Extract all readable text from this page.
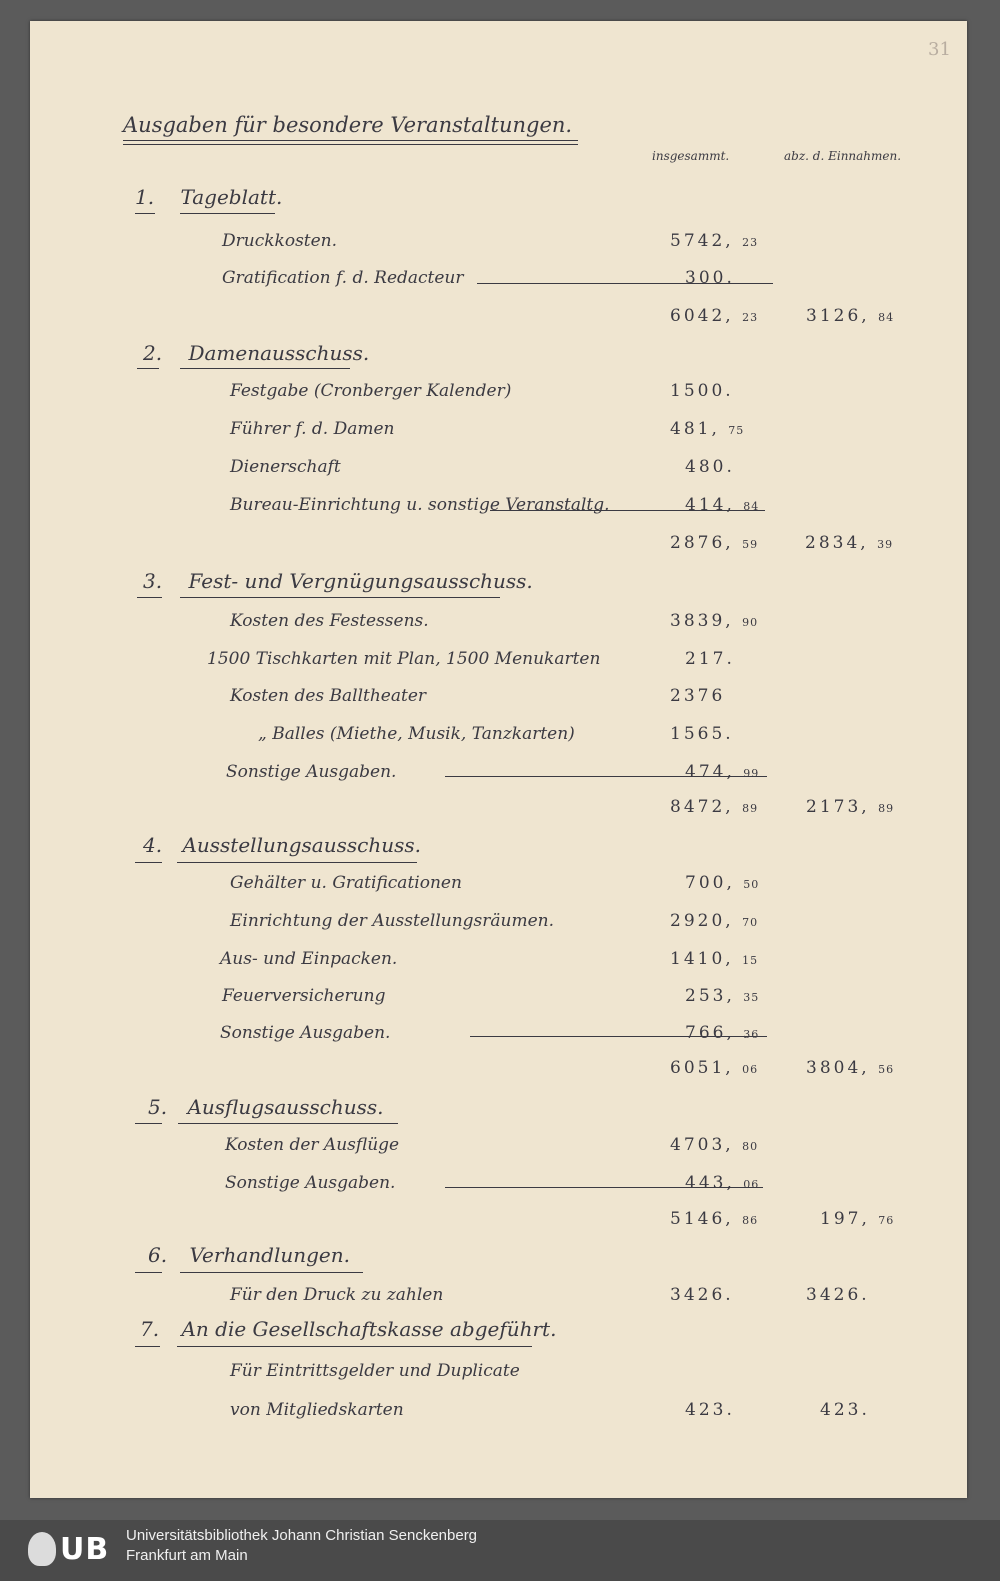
31
Ausgaben für besondere Veranstaltungen.
insgesammt.	abz. d. Einnahmen.
1. Tageblatt.
Druckkosten.	5742, 23
Gratification f. d. Redacteur	300.
6042, 23	3126, 84
2. Damenausschuss.
Festgabe (Cronberger Kalender)	1500.
Führer f. d. Damen	481, 75
Dienerschaft	480.
Bureau-Einrichtung u. sonstige Veranstaltg.	414, 84
2876, 59	2834, 39
3. Fest- und Vergnügungsausschuss.
Kosten des Festessens.	3839, 90
1500 Tischkarten mit Plan, 1500 Menukarten	217.
Kosten des Balltheater	2376
„ Balles (Miethe, Musik, Tanzkarten)	1565.
Sonstige Ausgaben.	474, 99
8472, 89	2173, 89
4. Ausstellungsausschuss.
Gehälter u. Gratificationen	700, 50
Einrichtung der Ausstellungsräumen.	2920, 70
Aus- und Einpacken.	1410, 15
Feuerversicherung	253, 35
Sonstige Ausgaben.	766, 36
6051, 06	3804, 56
5. Ausflugsausschuss.
Kosten der Ausflüge	4703, 80
Sonstige Ausgaben.	443, 06
5146, 86	197, 76
6. Verhandlungen.
Für den Druck zu zahlen	3426.	3426.
7. An die Gesellschaftskasse abgeführt.
Für Eintrittsgelder und Duplicate
von Mitgliedskarten	423.	423.
UB Universitätsbibliothek Johann Christian Senckenberg
Frankfurt am Main
